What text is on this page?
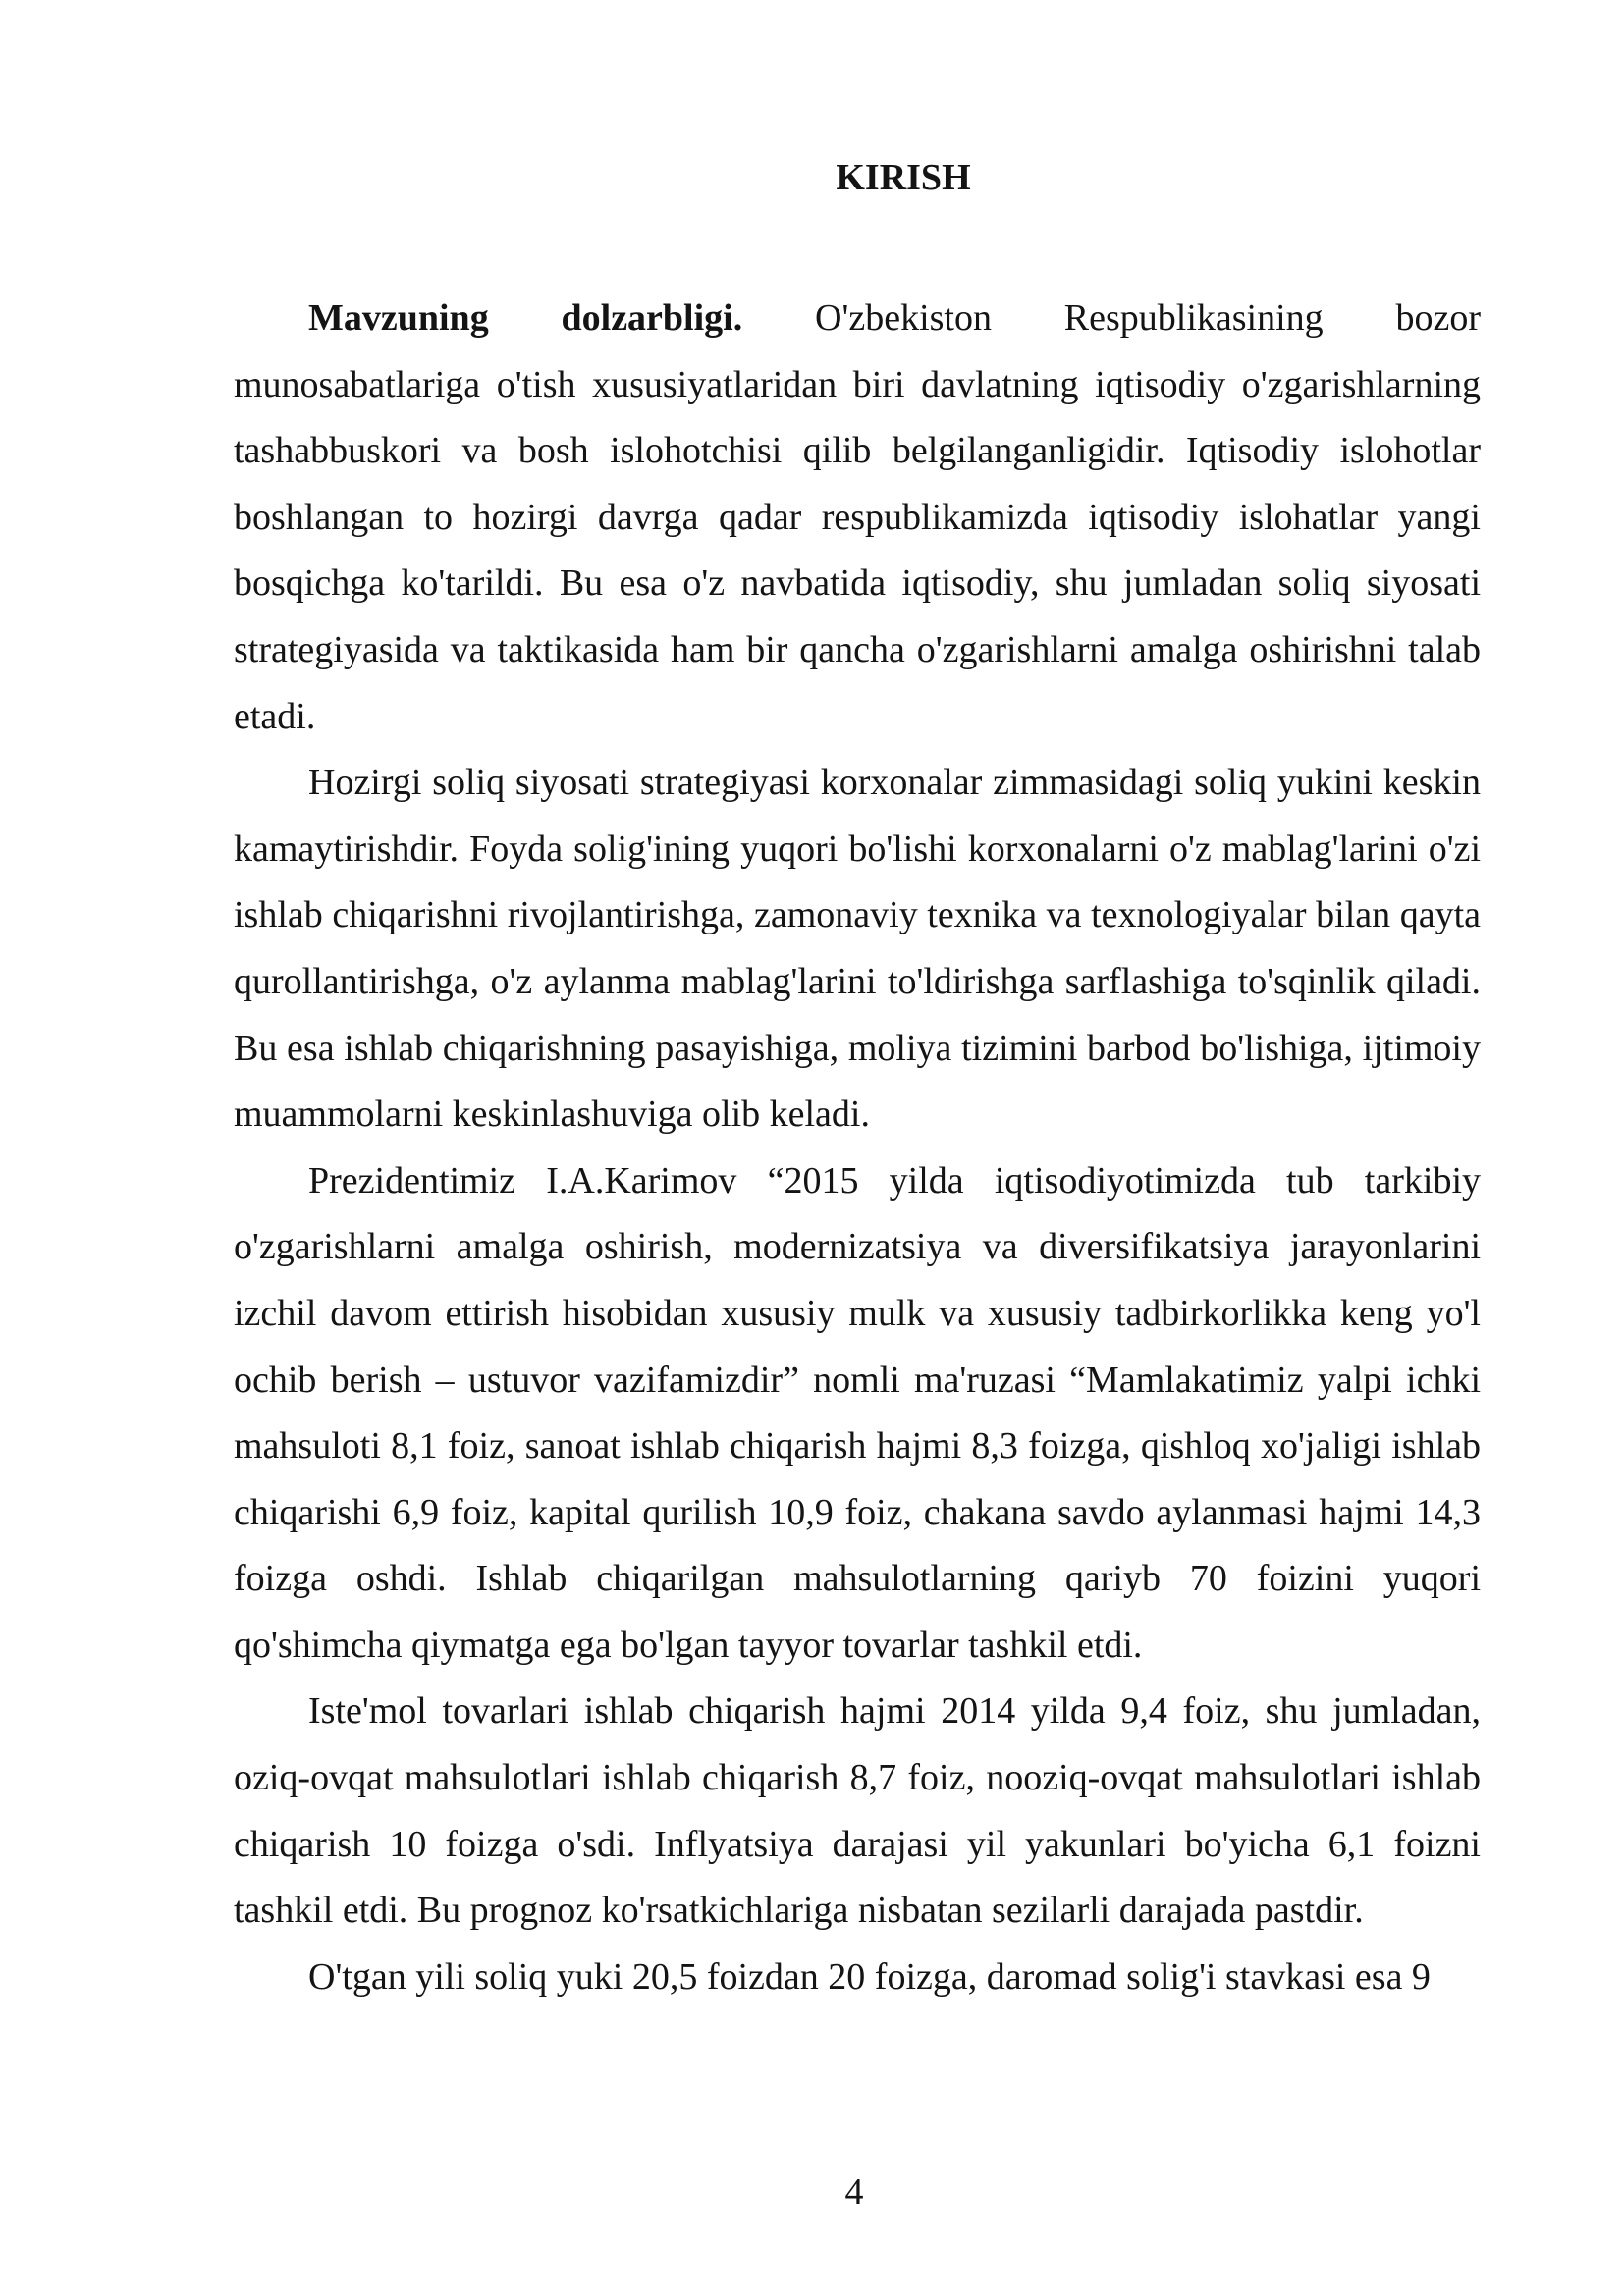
KIRISH

Mavzuning dolzarbligi. O'zbekiston Respublikasining bozor munosabatlariga o'tish xususiyatlaridan biri davlatning iqtisodiy o'zgarishlarning tashabbuskori va bosh islohotchisi qilib belgilanganligidir. Iqtisodiy islohotlar boshlangan to hozirgi davrga qadar respublikamizda iqtisodiy islohatlar yangi bosqichga ko'tarildi. Bu esa o'z navbatida iqtisodiy, shu jumladan soliq siyosati strategiyasida va taktikasida ham bir qancha o'zgarishlarni amalga oshirishni talab etadi.

Hozirgi soliq siyosati strategiyasi korxonalar zimmasidagi soliq yukini keskin kamaytirishdir. Foyda solig'ining yuqori bo'lishi korxonalarni o'z mablag'larini o'zi ishlab chiqarishni rivojlantirishga, zamonaviy texnika va texnologiyalar bilan qayta qurollantirishga, o'z aylanma mablag'larini to'ldirishga sarflashiga to'sqinlik qiladi. Bu esa ishlab chiqarishning pasayishiga, moliya tizimini barbod bo'lishiga, ijtimoiy muammolarni keskinlashuviga olib keladi.

Prezidentimiz I.A.Karimov “2015 yilda iqtisodiyotimizda tub tarkibiy o'zgarishlarni amalga oshirish, modernizatsiya va diversifikatsiya jarayonlarini izchil davom ettirish hisobidan xususiy mulk va xususiy tadbirkorlikka keng yo'l ochib berish – ustuvor vazifamizdir” nomli ma'ruzasi “Mamlakatimiz yalpi ichki mahsuloti 8,1 foiz, sanoat ishlab chiqarish hajmi 8,3 foizga, qishloq xo'jaligi ishlab chiqarishi 6,9 foiz, kapital qurilish 10,9 foiz, chakana savdo aylanmasi hajmi 14,3 foizga oshdi. Ishlab chiqarilgan mahsulotlarning qariyb 70 foizini yuqori qo'shimcha qiymatga ega bo'lgan tayyor tovarlar tashkil etdi.

Iste'mol tovarlari ishlab chiqarish hajmi 2014 yilda 9,4 foiz, shu jumladan, oziq-ovqat mahsulotlari ishlab chiqarish 8,7 foiz, nooziq-ovqat mahsulotlari ishlab chiqarish 10 foizga o'sdi. Inflyatsiya darajasi yil yakunlari bo'yicha 6,1 foizni tashkil etdi. Bu prognoz ko'rsatkichlariga nisbatan sezilarli darajada pastdir.

O'tgan yili soliq yuki 20,5 foizdan 20 foizga, daromad solig'i stavkasi esa 9

4
